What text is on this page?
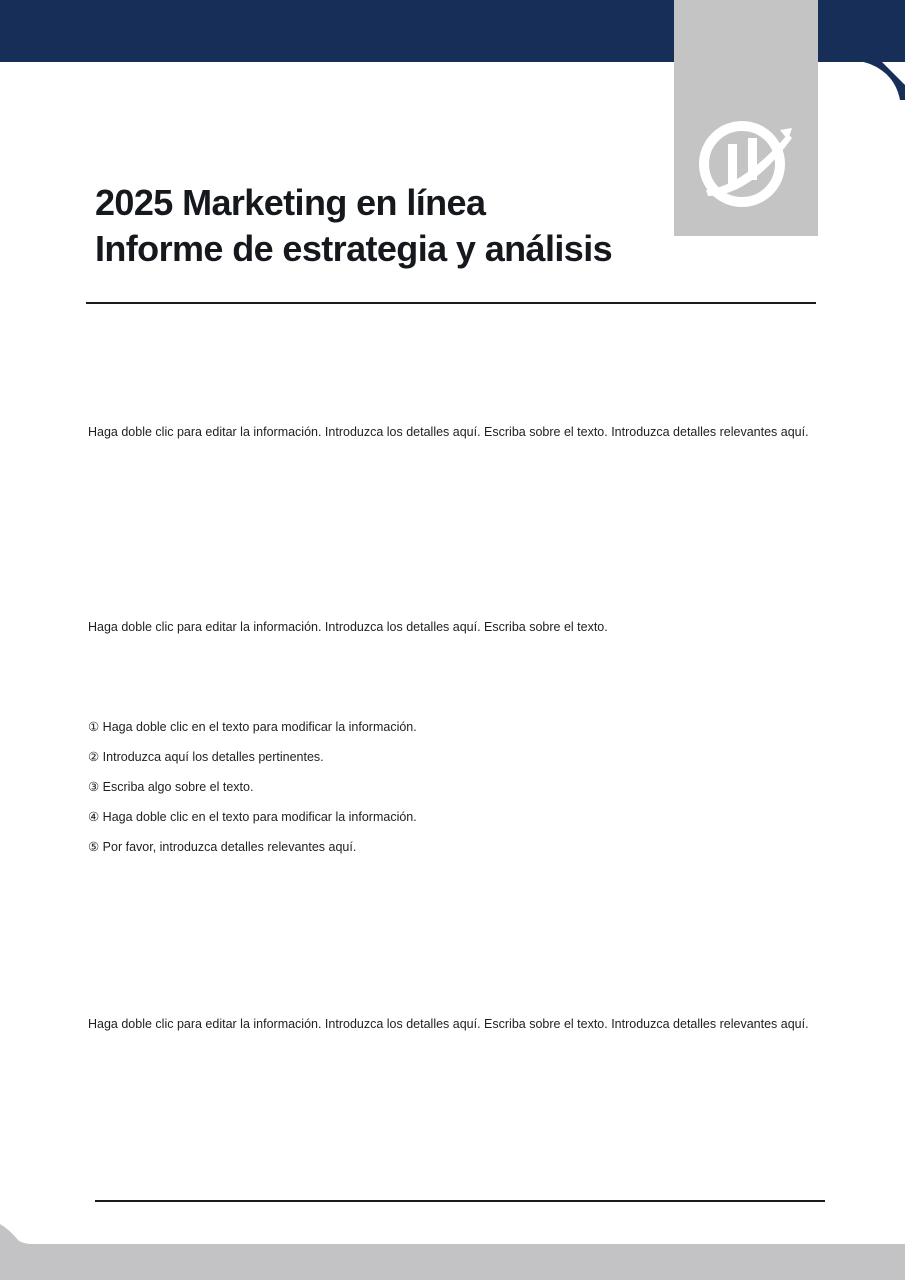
2025 Marketing en línea
Informe de estrategia y análisis

Haga doble clic para editar la información. Introduzca los detalles aquí. Escriba sobre el texto. Introduzca detalles relevantes aquí.

Haga doble clic para editar la información. Introduzca los detalles aquí. Escriba sobre el texto.

① Haga doble clic en el texto para modificar la información.
② Introduzca aquí los detalles pertinentes.
③ Escriba algo sobre el texto.
④ Haga doble clic en el texto para modificar la información.
⑤ Por favor, introduzca detalles relevantes aquí.

Haga doble clic para editar la información. Introduzca los detalles aquí. Escriba sobre el texto. Introduzca detalles relevantes aquí.
